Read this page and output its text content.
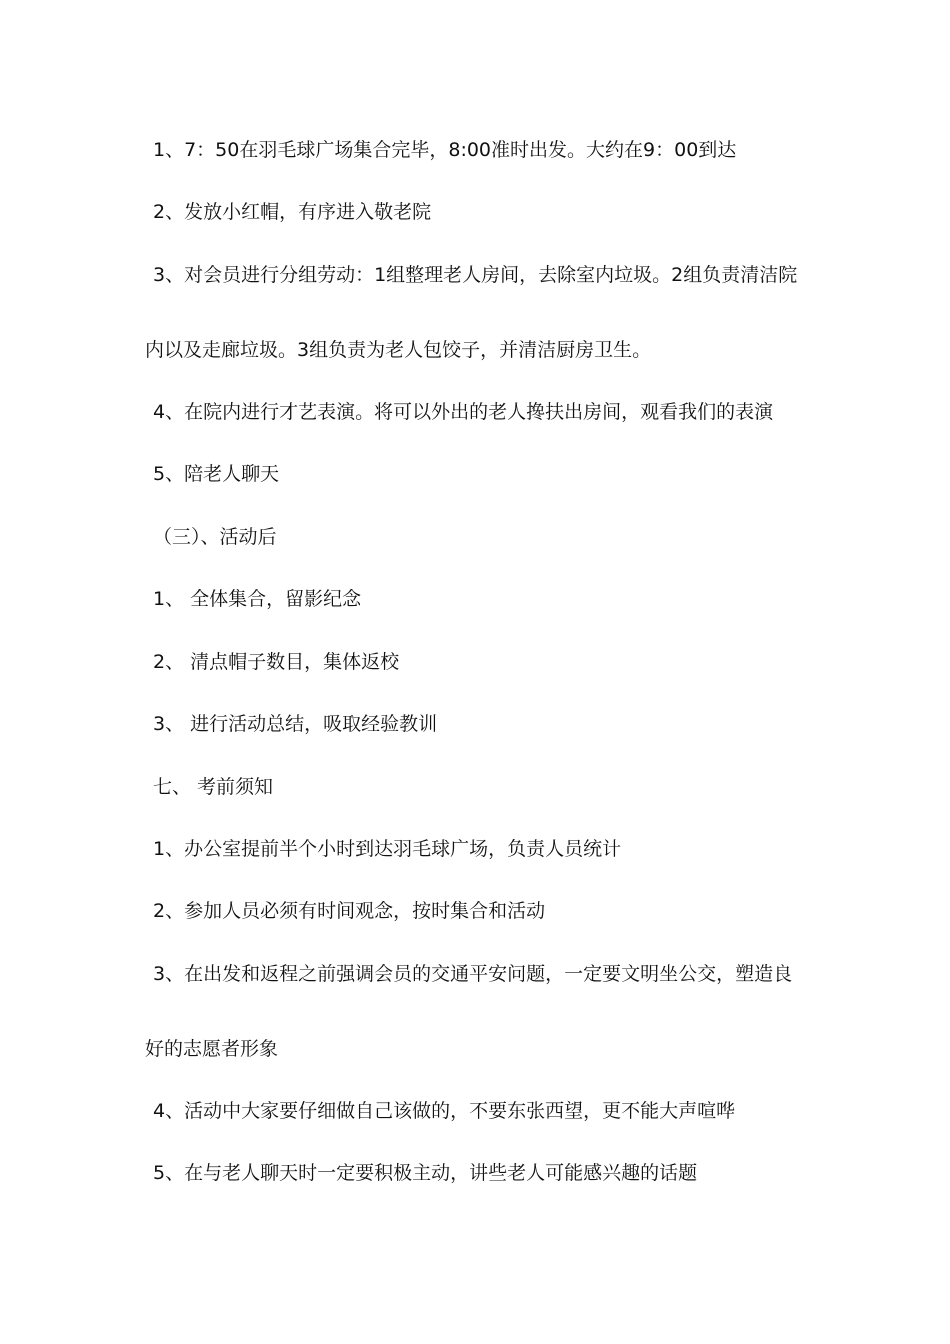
1、7：50在羽毛球广场集合完毕，8:00准时出发。大约在9：00到达
2、发放小红帽，有序进入敬老院
3、对会员进行分组劳动：1组整理老人房间，去除室内垃圾。2组负责清洁院
内以及走廊垃圾。3组负责为老人包饺子，并清洁厨房卫生。
4、在院内进行才艺表演。将可以外出的老人搀扶出房间，观看我们的表演
5、陪老人聊天
（三）、活动后
1、 全体集合，留影纪念
2、 清点帽子数目，集体返校
3、 进行活动总结，吸取经验教训
七、 考前须知
1、办公室提前半个小时到达羽毛球广场，负责人员统计
2、参加人员必须有时间观念，按时集合和活动
3、在出发和返程之前强调会员的交通平安问题，一定要文明坐公交，塑造良
好的志愿者形象
4、活动中大家要仔细做自己该做的，不要东张西望，更不能大声喧哗
5、在与老人聊天时一定要积极主动，讲些老人可能感兴趣的话题
